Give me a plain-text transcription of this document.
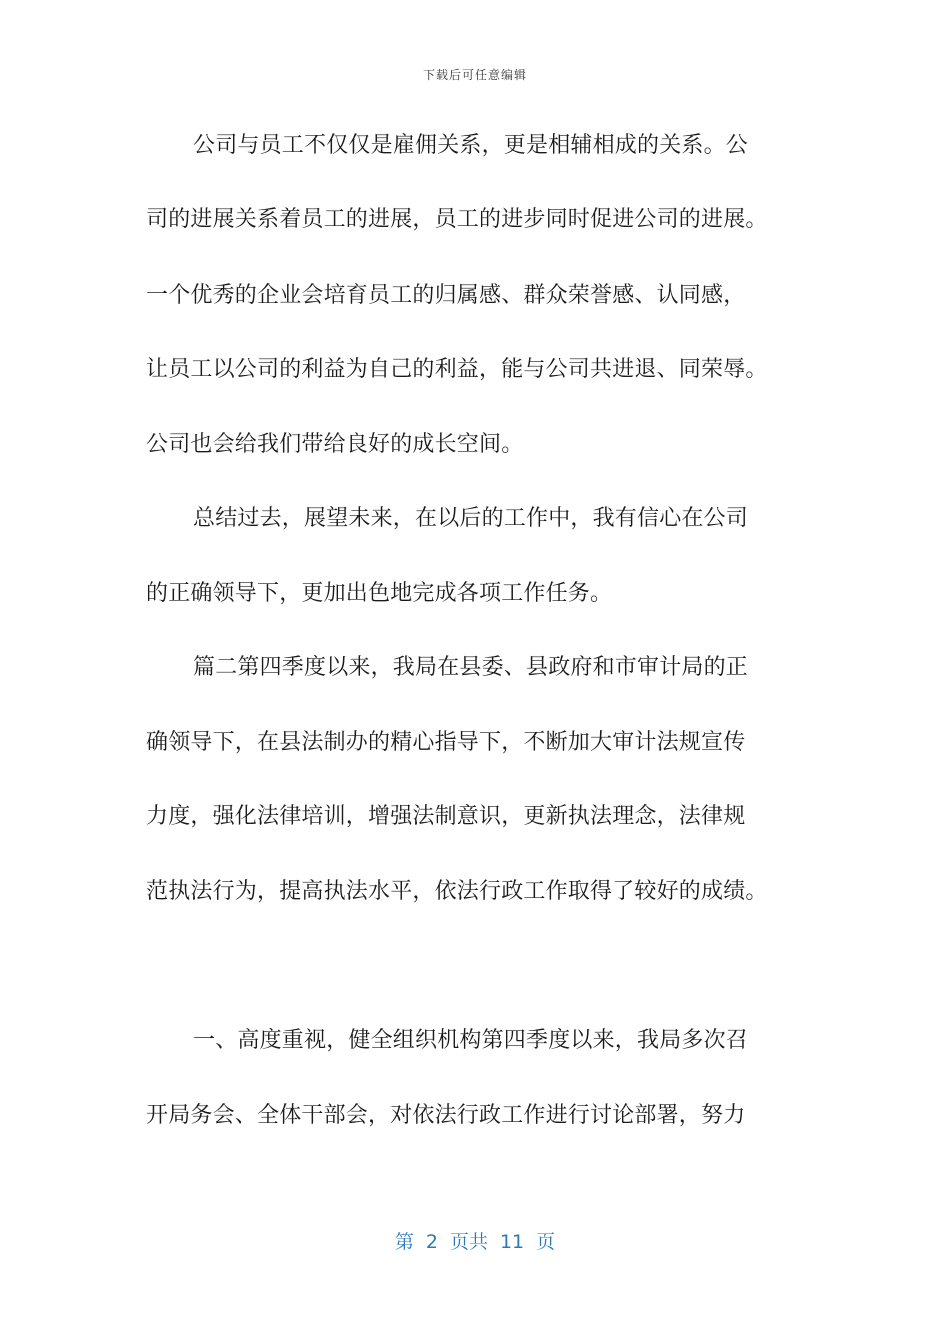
下载后可任意编辑
公司与员工不仅仅是雇佣关系，更是相辅相成的关系。公
司的进展关系着员工的进展，员工的进步同时促进公司的进展。
一个优秀的企业会培育员工的归属感、群众荣誉感、认同感，
让员工以公司的利益为自己的利益，能与公司共进退、同荣辱。
公司也会给我们带给良好的成长空间。
总结过去，展望未来，在以后的工作中，我有信心在公司
的正确领导下，更加出色地完成各项工作任务。
篇二第四季度以来，我局在县委、县政府和市审计局的正
确领导下，在县法制办的精心指导下，不断加大审计法规宣传
力度，强化法律培训，增强法制意识，更新执法理念，法律规
范执法行为，提高执法水平，依法行政工作取得了较好的成绩。
一、高度重视，健全组织机构第四季度以来，我局多次召
开局务会、全体干部会，对依法行政工作进行讨论部署，努力
第 2 页共 11 页
